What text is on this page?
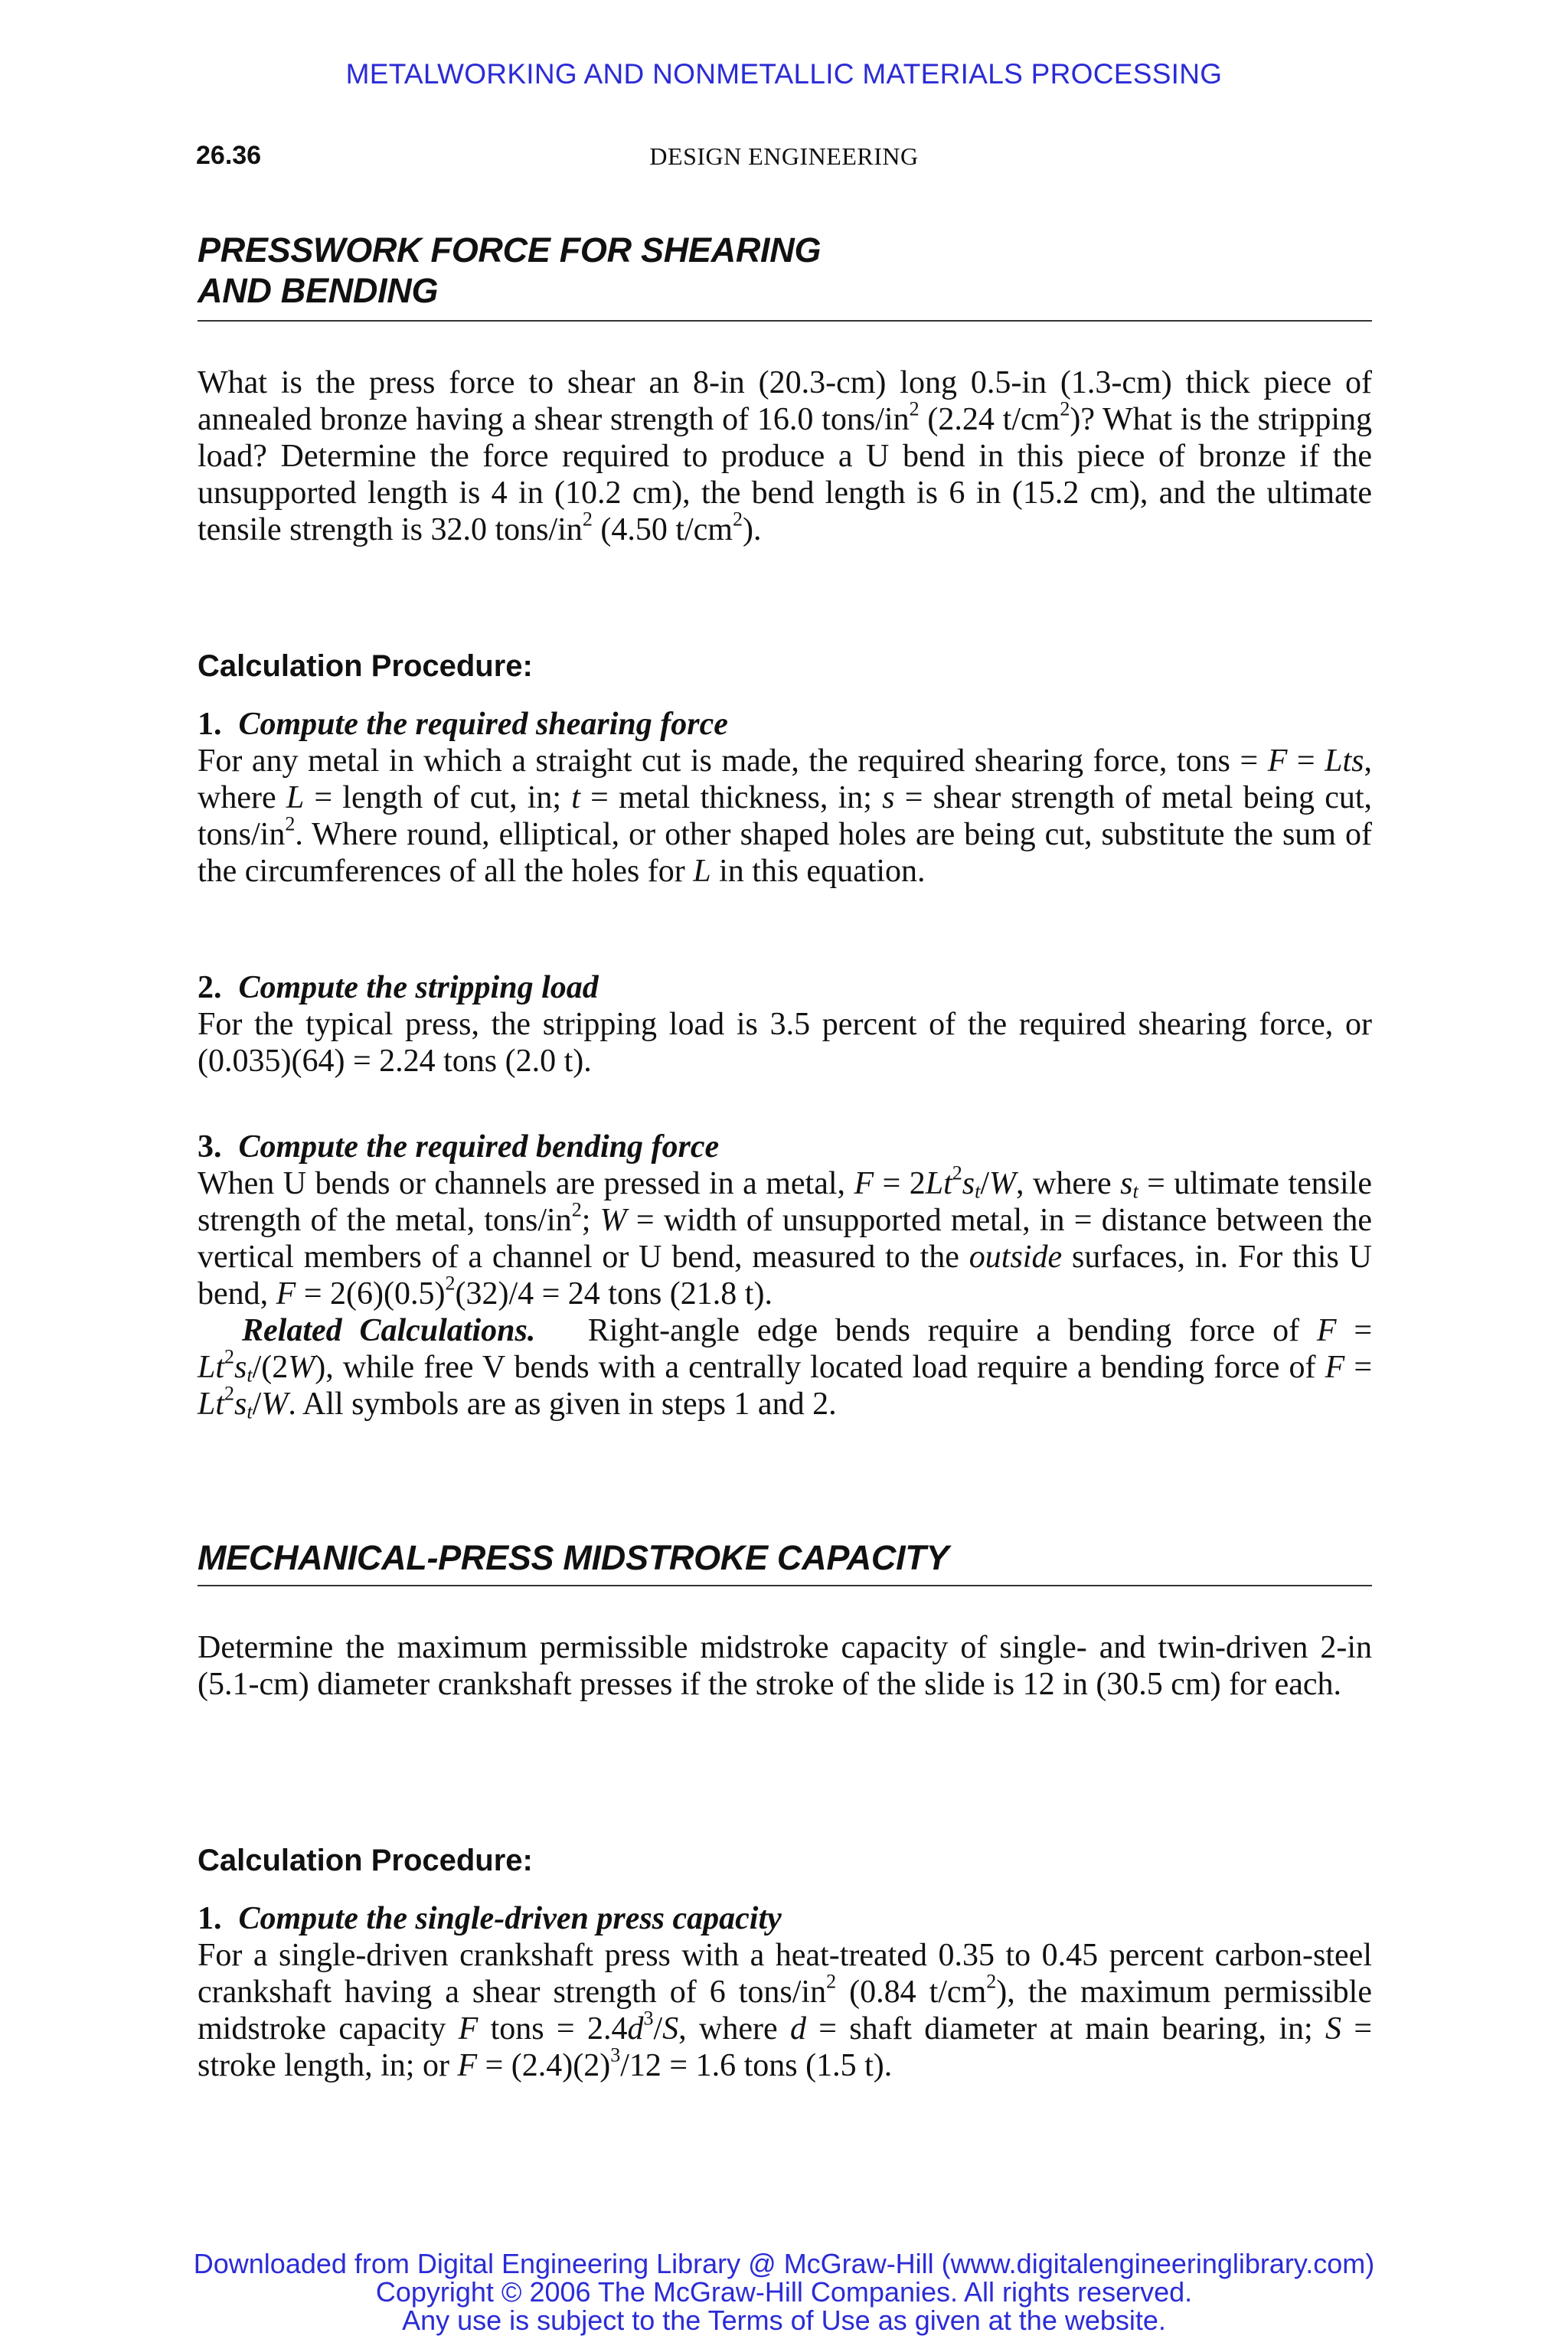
METALWORKING AND NONMETALLIC MATERIALS PROCESSING
26.36	DESIGN ENGINEERING
PRESSWORK FORCE FOR SHEARING
AND BENDING

What is the press force to shear an 8-in (20.3-cm) long 0.5-in (1.3-cm) thick piece of annealed bronze having a shear strength of 16.0 tons/$in^2$ (2.24 $t/cm^2$)? What is the stripping load? Determine the force required to produce a U bend in this piece of bronze if the unsupported length is 4 in (10.2 cm), the bend length is 6 in (15.2 cm), and the ultimate tensile strength is 32.0 tons/$in^2$ (4.50 $t/cm^2$).

Calculation Procedure:
1. Compute the required shearing force

For any metal in which a straight cut is made, the required shearing force, tons = F = Lts, where L = length of cut, in; t = metal thickness, in; s = shear strength of metal being cut, tons/$in^2$. Where round, elliptical, or other shaped holes are being cut, substitute the sum of the circumferences of all the holes for L in this equation.

2. Compute the stripping load

For the typical press, the stripping load is 3.5 percent of the required shearing force, or (0.035)(64) = 2.24 tons (2.0 t).

3. Compute the required bending force

When U bends or channels are pressed in a metal, $F = 2Lt^2s_t/W$, where $s_t$ = ultimate tensile strength of the metal, tons/$in^2$; W = width of unsupported metal, in = distance between the vertical members of a channel or U bend, measured to the outside surfaces, in. For this U bend, $F = 2(6)(0.5)^2(32)/4 = 24$ tons (21.8 t).

Related Calculations.   Right-angle edge bends require a bending force of $F = Lt^2s_t/(2W)$, while free V bends with a centrally located load require a bending force of $F = Lt^2s_t/W$. All symbols are as given in steps 1 and 2.

MECHANICAL-PRESS MIDSTROKE CAPACITY

Determine the maximum permissible midstroke capacity of single- and twin-driven 2-in (5.1-cm) diameter crankshaft presses if the stroke of the slide is 12 in (30.5 cm) for each.

Calculation Procedure:
1. Compute the single-driven press capacity

For a single-driven crankshaft press with a heat-treated 0.35 to 0.45 percent carbon-steel crankshaft having a shear strength of 6 tons/$in^2$ (0.84 $t/cm^2$), the maximum permissible midstroke capacity F tons = $2.4d^3/S$, where d = shaft diameter at main bearing, in; S = stroke length, in; or $F = (2.4)(2)^3/12 = 1.6$ tons (1.5 t).

Downloaded from Digital Engineering Library @ McGraw-Hill (www.digitalengineeringlibrary.com)
Copyright © 2006 The McGraw-Hill Companies. All rights reserved.
Any use is subject to the Terms of Use as given at the website.
